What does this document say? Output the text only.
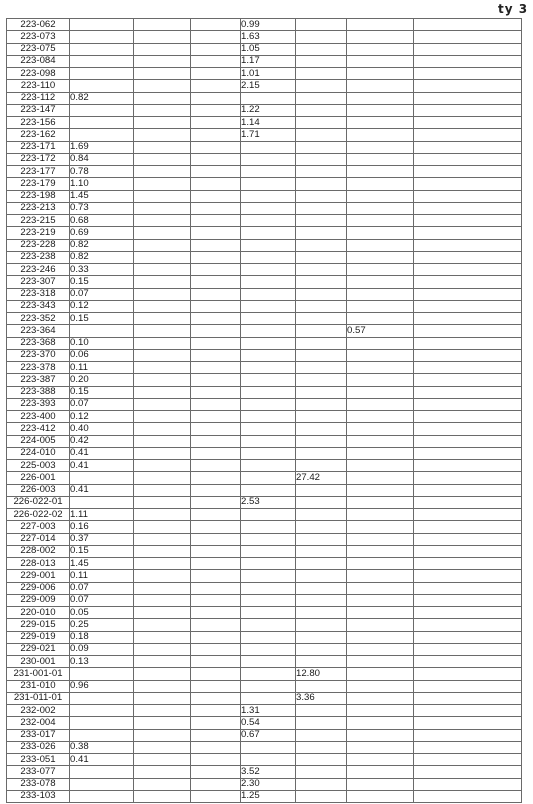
ty 3
223-062				0.99			
223-073				1.63			
223-075				1.05			
223-084				1.17			
223-098				1.01			
223-110				2.15			
223-112	0.82						
223-147				1.22			
223-156				1.14			
223-162				1.71			
223-171	1.69						
223-172	0.84						
223-177	0.78						
223-179	1.10						
223-198	1.45						
223-213	0.73						
223-215	0.68						
223-219	0.69						
223-228	0.82						
223-238	0.82						
223-246	0.33						
223-307	0.15						
223-318	0.07						
223-343	0.12						
223-352	0.15						
223-364						0.57	
223-368	0.10						
223-370	0.06						
223-378	0.11						
223-387	0.20						
223-388	0.15						
223-393	0.07						
223-400	0.12						
223-412	0.40						
224-005	0.42						
224-010	0.41						
225-003	0.41						
226-001					27.42		
226-003	0.41						
226-022-01				2.53			
226-022-02	1.11						
227-003	0.16						
227-014	0.37						
228-002	0.15						
228-013	1.45						
229-001	0.11						
229-006	0.07						
229-009	0.07						
220-010	0.05						
229-015	0.25						
229-019	0.18						
229-021	0.09						
230-001	0.13						
231-001-01					12.80		
231-010	0.96						
231-011-01					3.36		
232-002				1.31			
232-004				0.54			
233-017				0.67			
233-026	0.38						
233-051	0.41						
233-077				3.52			
233-078				2.30			
233-103				1.25			
